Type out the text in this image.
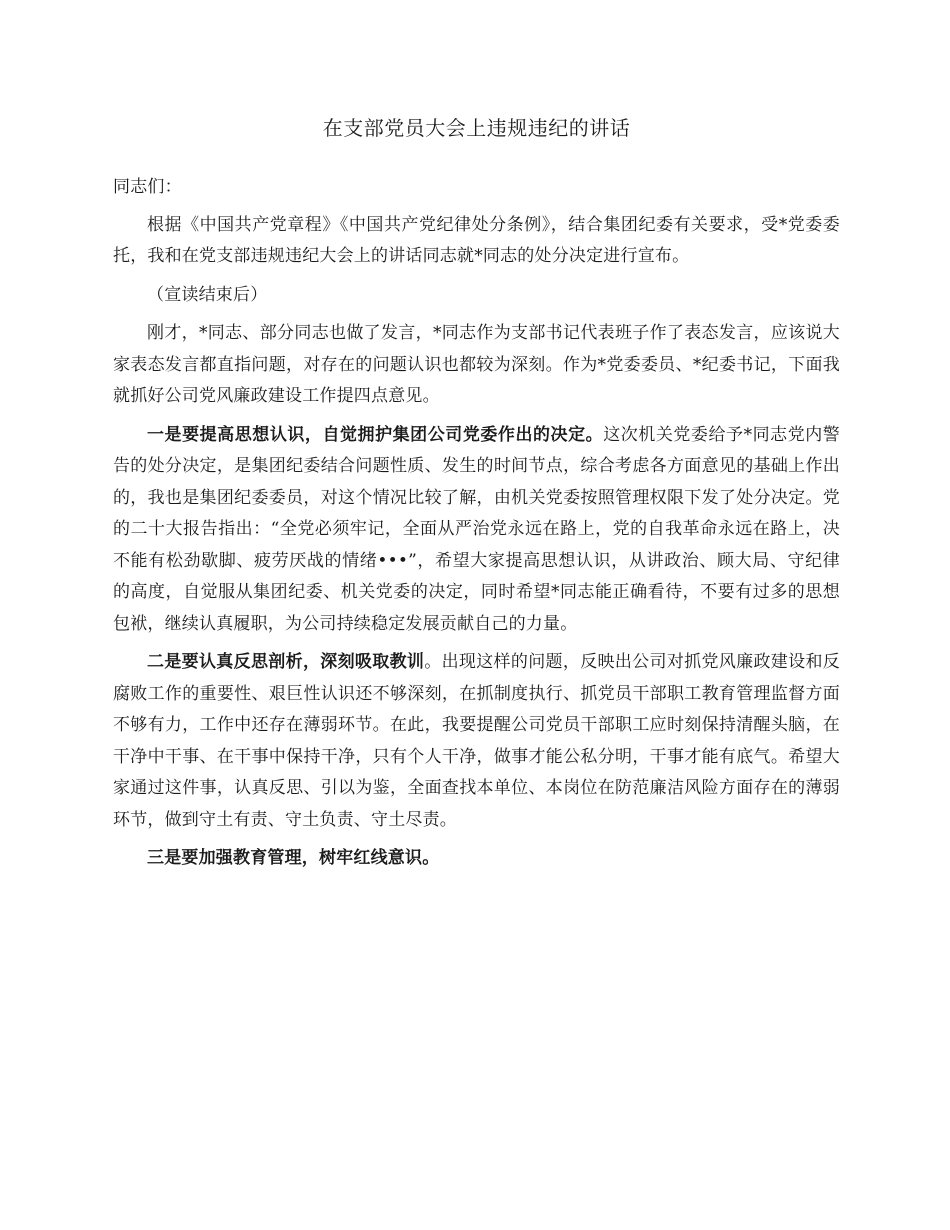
在支部党员大会上违规违纪的讲话

同志们：

根据《中国共产党章程》《中国共产党纪律处分条例》，结合集团纪委有关要求，受*党委委托，我和在党支部违规违纪大会上的讲话同志就*同志的处分决定进行宣布。

（宣读结束后）

刚才，*同志、部分同志也做了发言，*同志作为支部书记代表班子作了表态发言，应该说大家表态发言都直指问题，对存在的问题认识也都较为深刻。作为*党委委员、*纪委书记，下面我就抓好公司党风廉政建设工作提四点意见。

一是要提高思想认识，自觉拥护集团公司党委作出的决定。这次机关党委给予*同志党内警告的处分决定，是集团纪委结合问题性质、发生的时间节点，综合考虑各方面意见的基础上作出的，我也是集团纪委委员，对这个情况比较了解，由机关党委按照管理权限下发了处分决定。党的二十大报告指出：“全党必须牢记，全面从严治党永远在路上，党的自我革命永远在路上，决不能有松劲歇脚、疲劳厌战的情绪•••”，希望大家提高思想认识，从讲政治、顾大局、守纪律的高度，自觉服从集团纪委、机关党委的决定，同时希望*同志能正确看待，不要有过多的思想包袱，继续认真履职，为公司持续稳定发展贡献自己的力量。

二是要认真反思剖析，深刻吸取教训。出现这样的问题，反映出公司对抓党风廉政建设和反腐败工作的重要性、艰巨性认识还不够深刻，在抓制度执行、抓党员干部职工教育管理监督方面不够有力，工作中还存在薄弱环节。在此，我要提醒公司党员干部职工应时刻保持清醒头脑，在干净中干事、在干事中保持干净，只有个人干净，做事才能公私分明，干事才能有底气。希望大家通过这件事，认真反思、引以为鉴，全面查找本单位、本岗位在防范廉洁风险方面存在的薄弱环节，做到守土有责、守土负责、守土尽责。

三是要加强教育管理，树牢红线意识。
